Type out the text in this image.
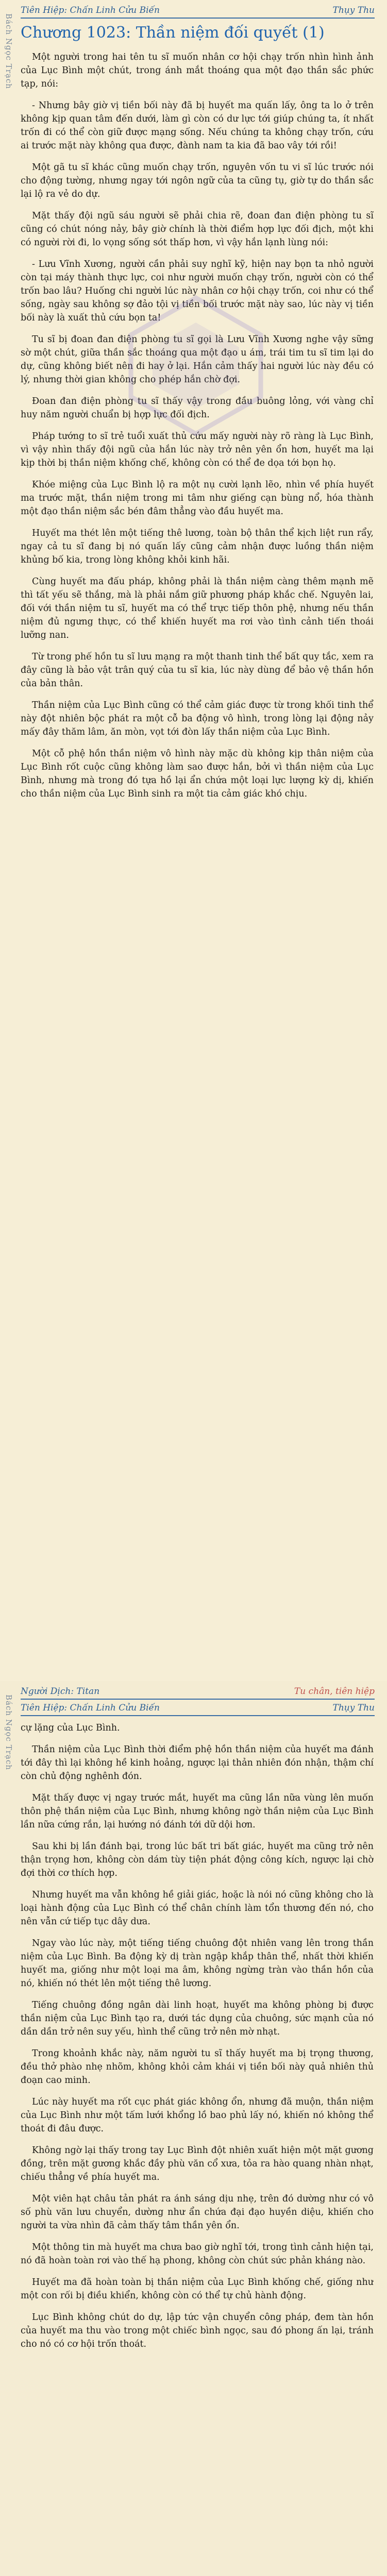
Bách Ngọc Trạch
Tiên Hiệp: Chấn Linh Cửu Biến	Thụy Thu
Chương 1023: Thần niệm đối quyết (1)

Một người trong hai tên tu sĩ muốn nhân cơ hội chạy trốn nhìn hình ảnh của Lục Bình một chút, trong ánh mắt thoáng qua một đạo thần sắc phức tạp, nói:

- Nhưng bây giờ vị tiền bối này đã bị huyết ma quấn lấy, ông ta lo ở trên không kịp quan tâm đến dưới, làm gì còn có dư lực tới giúp chúng ta, ít nhất trốn đi có thể còn giữ được mạng sống. Nếu chúng ta không chạy trốn, cứu ai trước mặt này không qua được, đành nam ta kia đã bao vây tới rồi!

Một gã tu sĩ khác cũng muốn chạy trốn, nguyên vốn tu vi sĩ lúc trước nói cho động tường, nhưng ngay tới ngôn ngữ của ta cũng tụ, giờ tự do thần sắc lại lộ ra vẻ do dự.

Mặt thấy đội ngũ sáu người sẽ phải chia rẽ, đoan đan điện phòng tu sĩ cũng có chút nóng nảy, bây giờ chính là thời điểm hợp lực đối địch, một khi có người rời đi, lo vọng sống sót thấp hơn, vì vậy hắn lạnh lùng nói:

- Lưu Vĩnh Xương, người cần phải suy nghĩ kỹ, hiện nay bọn ta nhỏ người còn tại máy thành thực lực, coi như người muốn chạy trốn, người còn có thể trốn bao lâu? Huống chi người lúc này nhân cơ hội chạy trốn, coi như có thể sống, ngày sau không sợ đảo tội vị tiền bối trước mặt này sao, lúc này vị tiền bối này là xuất thủ cứu bọn ta!

Tu sĩ bị đoan đan điện phòng tu sĩ gọi là Lưu Vĩnh Xương nghe vậy sững sờ một chút, giữa thần sắc thoáng qua một đạo u ám, trái tim tu sĩ tim lại do dự, cũng không biết nên đi hay ở lại. Hắn cảm thấy hai người lúc này đều có lý, nhưng thời gian không cho phép hắn chờ đợi.

Đoan đan điện phòng tu sĩ thấy vậy trong đầu buông lỏng, với vàng chỉ huy năm người chuẩn bị hợp lực đối địch.

Pháp tướng to sĩ trẻ tuổi xuất thủ cứu mấy người này rõ ràng là Lục Bình, vì vậy nhìn thấy đội ngũ của hắn lúc này trở nên yên ổn hơn, huyết ma lại kịp thời bị thần niệm khống chế, không còn có thể đe dọa tới bọn họ.

Khóe miệng của Lục Bình lộ ra một nụ cười lạnh lẽo, nhìn về phía huyết ma trước mặt, thần niệm trong mi tâm như giếng cạn bùng nổ, hóa thành một đạo thần niệm sắc bén đâm thẳng vào đầu huyết ma.

Huyết ma thét lên một tiếng thê lương, toàn bộ thân thể kịch liệt run rẩy, ngay cả tu sĩ đang bị nó quấn lấy cũng cảm nhận được luồng thần niệm khủng bố kia, trong lòng không khỏi kinh hãi.

Cùng huyết ma đấu pháp, không phải là thần niệm càng thêm mạnh mẽ thì tất yếu sẽ thắng, mà là phải nắm giữ phương pháp khắc chế. Nguyên lai, đối với thần niệm tu sĩ, huyết ma có thể trực tiếp thôn phệ, nhưng nếu thần niệm đủ ngưng thực, có thể khiến huyết ma rơi vào tình cảnh tiến thoái lưỡng nan.

Từ trong phế hồn tu sĩ lưu mạng ra một thanh tinh thể bất quy tắc, xem ra đây cũng là bảo vật trân quý của tu sĩ kia, lúc này dùng để bảo vệ thần hồn của bản thân.

Thần niệm của Lục Bình cũng có thể cảm giác được từ trong khối tinh thể này đột nhiên bộc phát ra một cỗ ba động vô hình, trong lòng lại động nảy mấy đây thăm lâm, ăn mòn, vọt tới đòn lấy thần niệm của Lục Bình.

Một cỗ phệ hồn thần niệm vô hình này mặc dù không kịp thân niệm của Lục Bình rốt cuộc cũng không làm sao được hắn, bởi vì thần niệm của Lục Bình, nhưng mà trong đó tựa hồ lại ẩn chứa một loại lực lượng kỳ dị, khiến cho thần niệm của Lục Bình sinh ra một tia cảm giác khó chịu.

Bách Ngọc Trạch
Người Dịch: Titan	Tu chân, tiên hiệp
Tiên Hiệp: Chấn Linh Cửu Biến	Thụy Thu

cự lặng của Lục Bình.

Thần niệm của Lục Bình thời điểm phệ hồn thần niệm của huyết ma đánh tới đây thì lại không hề kinh hoảng, ngược lại thản nhiên đón nhận, thậm chí còn chủ động nghênh đón.

Mặt thấy được vị ngay trước mắt, huyết ma cũng lần nữa vùng lên muốn thôn phệ thần niệm của Lục Bình, nhưng không ngờ thần niệm của Lục Bình lần nữa cứng rắn, lại hướng nó đánh tới dữ dội hơn.

Sau khi bị lần đánh bại, trong lúc bất tri bất giác, huyết ma cũng trở nên thận trọng hơn, không còn dám tùy tiện phát động công kích, ngược lại chờ đợi thời cơ thích hợp.

Nhưng huyết ma vẫn không hề giải giác, hoặc là nói nó cũng không cho là loại hành động của Lục Bình có thể chân chính làm tổn thương đến nó, cho nên vẫn cứ tiếp tục dây dưa.

Ngay vào lúc này, một tiếng tiếng chuông đột nhiên vang lên trong thần niệm của Lục Bình. Ba động kỳ dị tràn ngập khắp thân thể, nhất thời khiến huyết ma, giống như một loại ma âm, không ngừng tràn vào thần hồn của nó, khiến nó thét lên một tiếng thê lương.

Tiếng chuông đồng ngân dài linh hoạt, huyết ma không phòng bị được thần niệm của Lục Bình tạo ra, dưới tác dụng của chuông, sức mạnh của nó dần dần trở nên suy yếu, hình thể cũng trở nên mờ nhạt.

Trong khoảnh khắc này, năm người tu sĩ thấy huyết ma bị trọng thương, đều thở phào nhẹ nhõm, không khỏi cảm khái vị tiền bối này quả nhiên thủ đoạn cao minh.

Lúc này huyết ma rốt cục phát giác không ổn, nhưng đã muộn, thần niệm của Lục Bình như một tấm lưới khổng lồ bao phủ lấy nó, khiến nó không thể thoát đi đâu được.

Không ngờ lại thấy trong tay Lục Bình đột nhiên xuất hiện một mặt gương đồng, trên mặt gương khắc đầy phù văn cổ xưa, tỏa ra hào quang nhàn nhạt, chiếu thẳng về phía huyết ma.

Một viên hạt châu tản phát ra ánh sáng dịu nhẹ, trên đó dường như có vô số phù văn lưu chuyển, dường như ẩn chứa đại đạo huyền diệu, khiến cho người ta vừa nhìn đã cảm thấy tâm thần yên ổn.

Một thông tin mà huyết ma chưa bao giờ nghĩ tới, trong tình cảnh hiện tại, nó đã hoàn toàn rơi vào thế hạ phong, không còn chút sức phản kháng nào.

Huyết ma đã hoàn toàn bị thần niệm của Lục Bình khống chế, giống như một con rối bị điều khiển, không còn có thể tự chủ hành động.

Lục Bình không chút do dự, lập tức vận chuyển công pháp, đem tàn hồn của huyết ma thu vào trong một chiếc bình ngọc, sau đó phong ấn lại, tránh cho nó có cơ hội trốn thoát.
